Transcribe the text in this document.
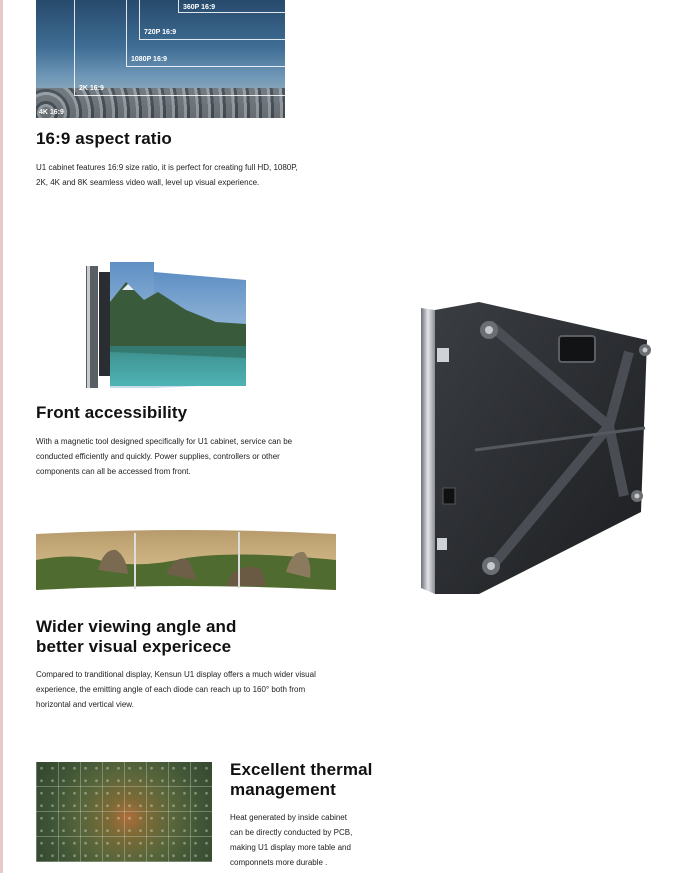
360P 16:9
720P 16:9
1080P 16:9
2K 16:9
4K 16:9
16:9 aspect ratio

U1 cabinet features 16:9 size ratio, it is perfect for creating full HD, 1080P,
2K, 4K and 8K seamless video wall, level up visual experience.

Front accessibility

With a magnetic tool designed specifically for U1 cabinet, service can be
conducted efficiently and quickly. Power supplies, controllers or other
components can all be accessed from front.

Wider viewing angle and
better visual expericece

Compared to tranditional display, Kensun U1 display offers a much wider visual
experience, the emitting angle of each diode can reach up to 160° both from
horizontal and vertical view.

Excellent thermal
management

Heat generated by inside cabinet
can be directly conducted by PCB,
making U1 display more table and
componnets more durable .
